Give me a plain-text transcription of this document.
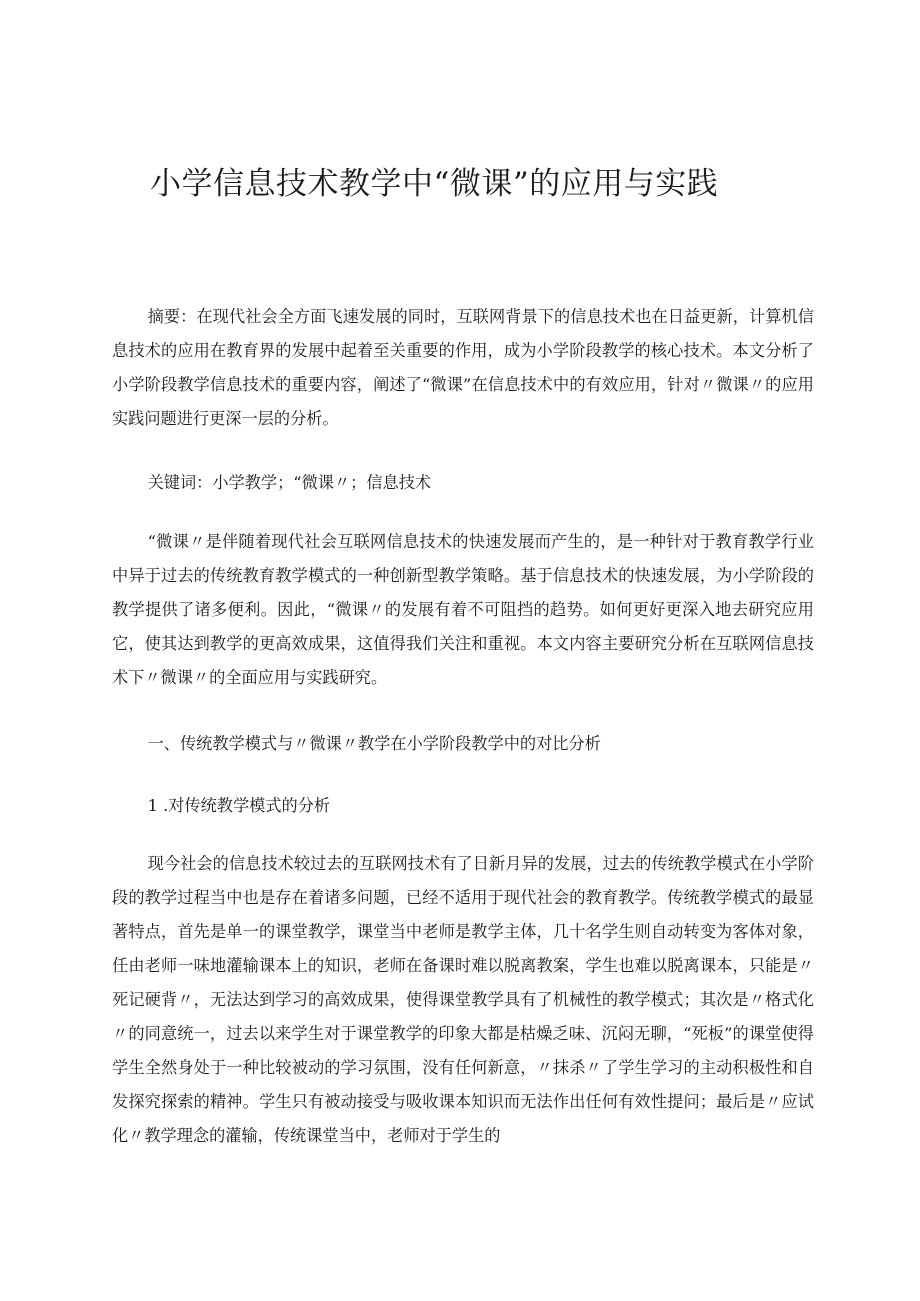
小学信息技术教学中“微课”的应用与实践

摘要：在现代社会全方面飞速发展的同时，互联网背景下的信息技术也在日益更新，计算机信息技术的应用在教育界的发展中起着至关重要的作用，成为小学阶段教学的核心技术。本文分析了小学阶段教学信息技术的重要内容，阐述了“微课”在信息技术中的有效应用，针对〃微课〃的应用实践问题进行更深一层的分析。

关键词：小学教学；“微课〃；信息技术

“微课〃是伴随着现代社会互联网信息技术的快速发展而产生的，是一种针对于教育教学行业中异于过去的传统教育教学模式的一种创新型教学策略。基于信息技术的快速发展，为小学阶段的教学提供了诸多便利。因此，“微课〃的发展有着不可阻挡的趋势。如何更好更深入地去研究应用它，使其达到教学的更高效成果，这值得我们关注和重视。本文内容主要研究分析在互联网信息技术下〃微课〃的全面应用与实践研究。

一、传统教学模式与〃微课〃教学在小学阶段教学中的对比分析

1 .对传统教学模式的分析

现今社会的信息技术较过去的互联网技术有了日新月异的发展，过去的传统教学模式在小学阶段的教学过程当中也是存在着诸多问题，已经不适用于现代社会的教育教学。传统教学模式的最显著特点，首先是单一的课堂教学，课堂当中老师是教学主体，几十名学生则自动转变为客体对象，任由老师一味地灌输课本上的知识，老师在备课时难以脱离教案，学生也难以脱离课本，只能是〃死记硬背〃，无法达到学习的高效成果，使得课堂教学具有了机械性的教学模式；其次是〃格式化〃的同意统一，过去以来学生对于课堂教学的印象大都是枯燥乏味、沉闷无聊，“死板”的课堂使得学生全然身处于一种比较被动的学习氛围，没有任何新意，〃抹杀〃了学生学习的主动积极性和自发探究探索的精神。学生只有被动接受与吸收课本知识而无法作出任何有效性提问；最后是〃应试化〃教学理念的灌输，传统课堂当中，老师对于学生的
